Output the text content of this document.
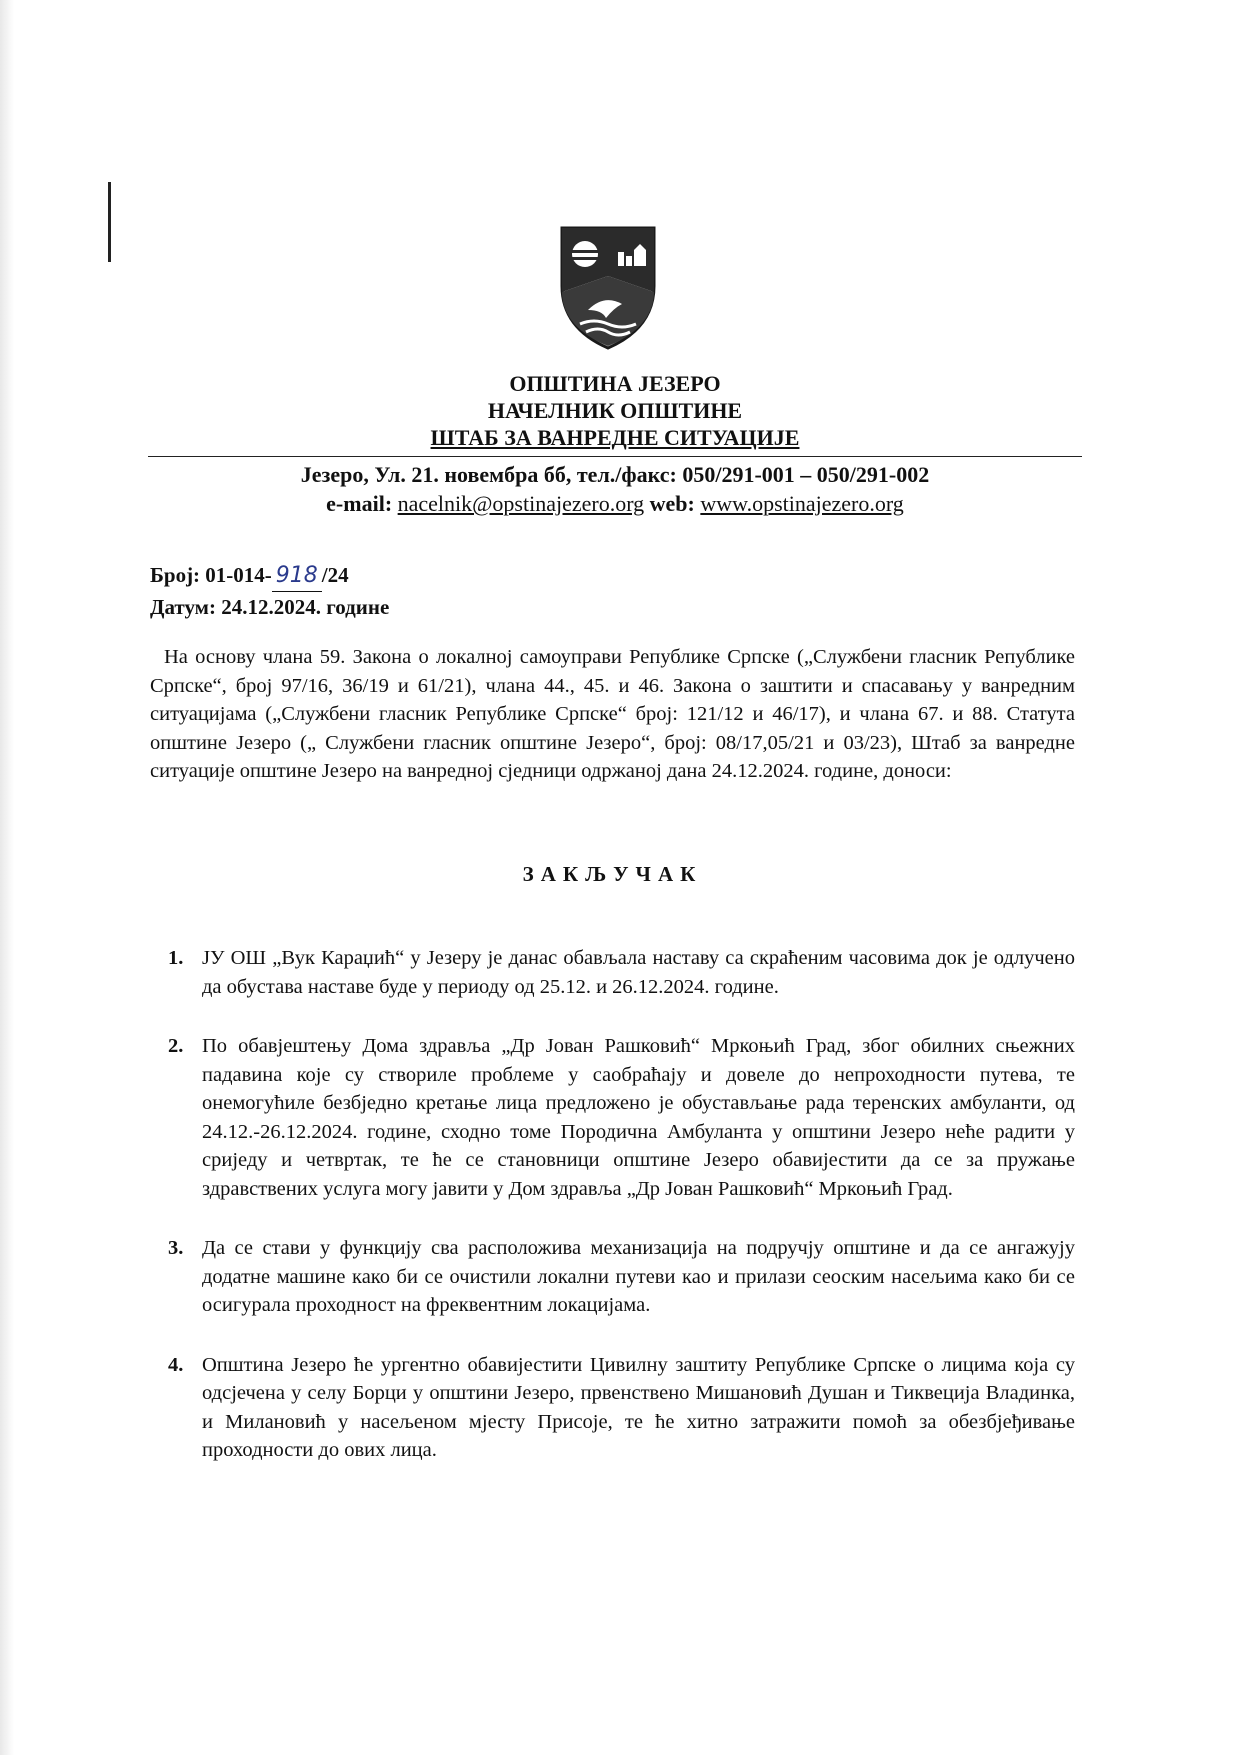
ОПШТИНА ЈЕЗЕРО
НАЧЕЛНИК ОПШТИНЕ
ШТАБ ЗА ВАНРЕДНЕ СИТУАЦИЈЕ
Језеро, Ул. 21. новембра бб, тел./факс: 050/291-001 – 050/291-002
e-mail: nacelnik@opstinajezero.org web: www.opstinajezero.org
Број: 01-014- 918 /24
Датум: 24.12.2024. године
На основу члана 59. Закона о локалној самоуправи Републике Српске („Службени гласник Републике Српске“, број 97/16, 36/19 и 61/21), члана 44., 45. и 46. Закона о заштити и спасавању у ванредним ситуацијама („Службени гласник Републике Српске“ број: 121/12 и 46/17), и члана 67. и 88. Статута општине Језеро („ Службени гласник општине Језеро“, број: 08/17,05/21 и 03/23), Штаб за ванредне ситуације општине Језеро на ванредној сједници одржаној дана 24.12.2024. године, доноси:
ЗАКЉУЧАК
1. ЈУ ОШ „Вук Караџић“ у Језеру је данас обављала наставу са скраћеним часовима док је одлучено да обустава наставе буде у периоду од 25.12. и 26.12.2024. године.
2. По обавјештењу Дома здравља „Др Јован Рашковић“ Мркоњић Град, због обилних сњежних падавина које су створиле проблеме у саобраћају и довеле до непроходности путева, те онемогућиле безбједно кретање лица предложено је обустављање рада теренских амбуланти, од 24.12.-26.12.2024. године, сходно томе Породична Амбуланта у општини Језеро неће радити у сриједу и четвртак, те ће се становници општине Језеро обавијестити да се за пружање здравствених услуга могу јавити у Дом здравља „Др Јован Рашковић“ Мркоњић Град.
3. Да се стави у функцију сва расположива механизација на подручју општине и да се ангажују додатне машине како би се очистили локални путеви као и прилази сеоским насељима како би се осигурала проходност на фреквентним локацијама.
4. Општина Језеро ће ургентно обавијестити Цивилну заштиту Републике Српске о лицима која су одсјечена у селу Борци у општини Језеро, првенствено Мишановић Душан и Тиквеција Владинка, и Милановић у насељеном мјесту Присоје, те ће хитно затражити помоћ за обезбјеђивање проходности до ових лица.
